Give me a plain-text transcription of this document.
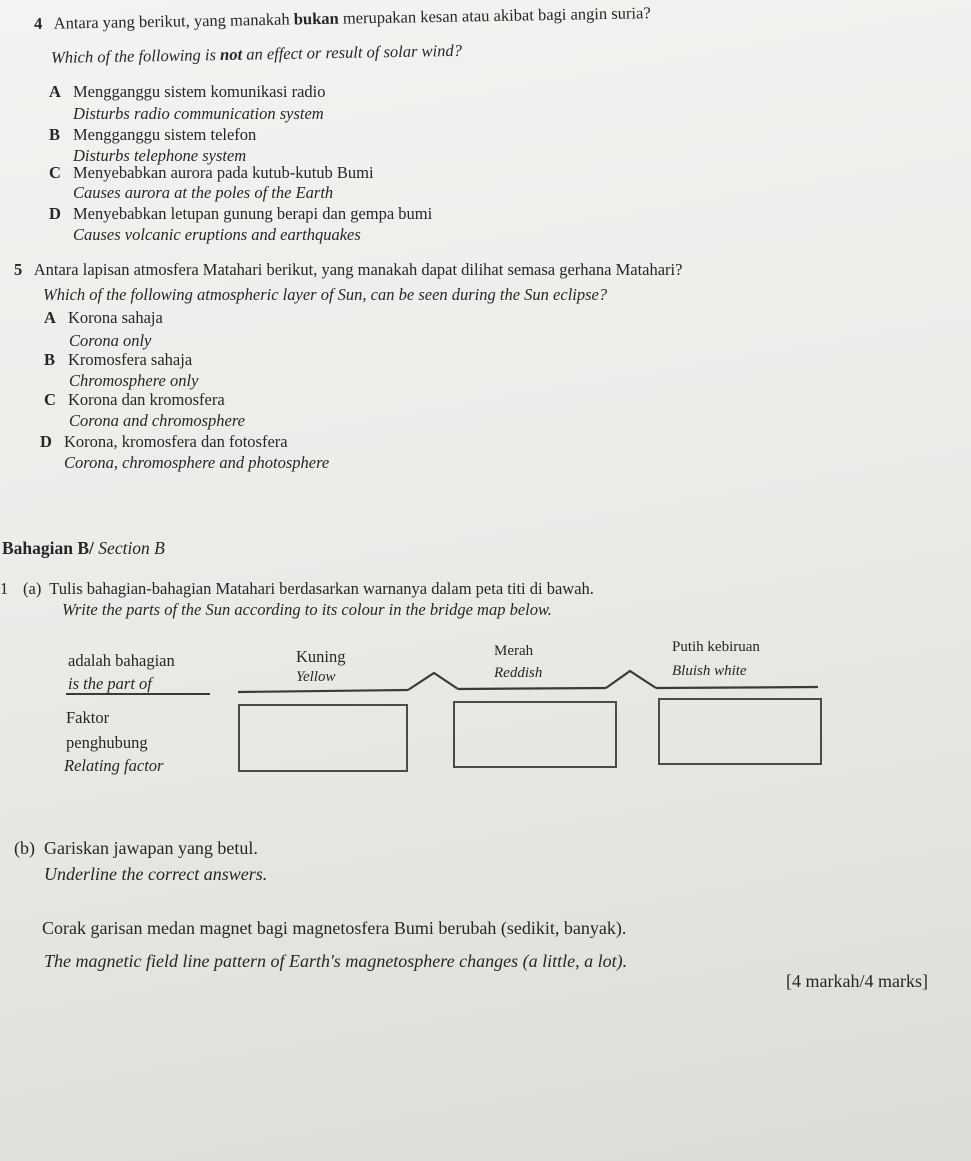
4 Antara yang berikut, yang manakah bukan merupakan kesan atau akibat bagi angin suria?
Which of the following is not an effect or result of solar wind?
A Mengganggu sistem komunikasi radio
Disturbs radio communication system
B Mengganggu sistem telefon
Disturbs telephone system
C Menyebabkan aurora pada kutub-kutub Bumi
Causes aurora at the poles of the Earth
D Menyebabkan letupan gunung berapi dan gempa bumi
Causes volcanic eruptions and earthquakes
5 Antara lapisan atmosfera Matahari berikut, yang manakah dapat dilihat semasa gerhana Matahari?
Which of the following atmospheric layer of Sun, can be seen during the Sun eclipse?
A Korona sahaja
Corona only
B Kromosfera sahaja
Chromosphere only
C Korona dan kromosfera
Corona and chromosphere
D Korona, kromosfera dan fotosfera
Corona, chromosphere and photosphere
Bahagian B/ Section B
1 (a) Tulis bahagian-bahagian Matahari berdasarkan warnanya dalam peta titi di bawah.
Write the parts of the Sun according to its colour in the bridge map below.
adalah bahagian
is the part of
Kuning
Yellow
Merah
Reddish
Putih kebiruan
Bluish white
Faktor
penghubung
Relating factor
(b) Gariskan jawapan yang betul.
Underline the correct answers.
Corak garisan medan magnet bagi magnetosfera Bumi berubah (sedikit, banyak).
The magnetic field line pattern of Earth's magnetosphere changes (a little, a lot).
[4 markah/4 marks]
